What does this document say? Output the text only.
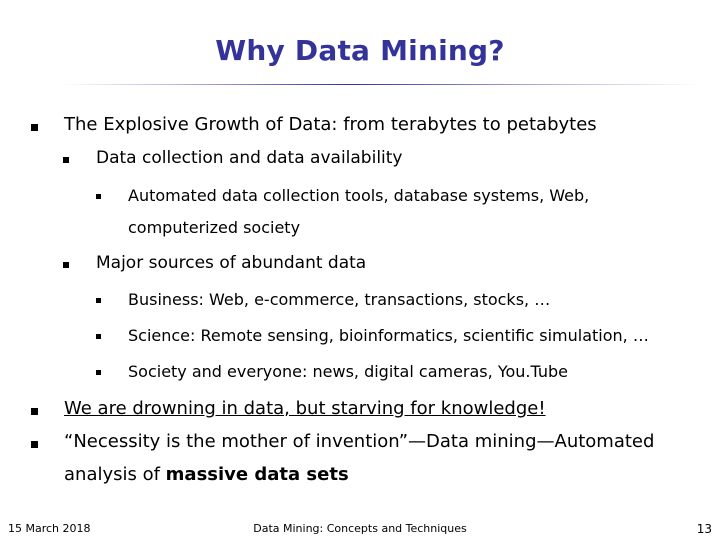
Why Data Mining?
The Explosive Growth of Data: from terabytes to petabytes
Data collection and data availability
Automated data collection tools, database systems, Web,
computerized society
Major sources of abundant data
Business: Web, e-commerce, transactions, stocks, …
Science: Remote sensing, bioinformatics, scientific simulation, …
Society and everyone: news, digital cameras, You.Tube
We are drowning in data, but starving for knowledge!
“Necessity is the mother of invention”—Data mining—Automated
analysis of massive data sets
15 March 2018	Data Mining: Concepts and Techniques	13
